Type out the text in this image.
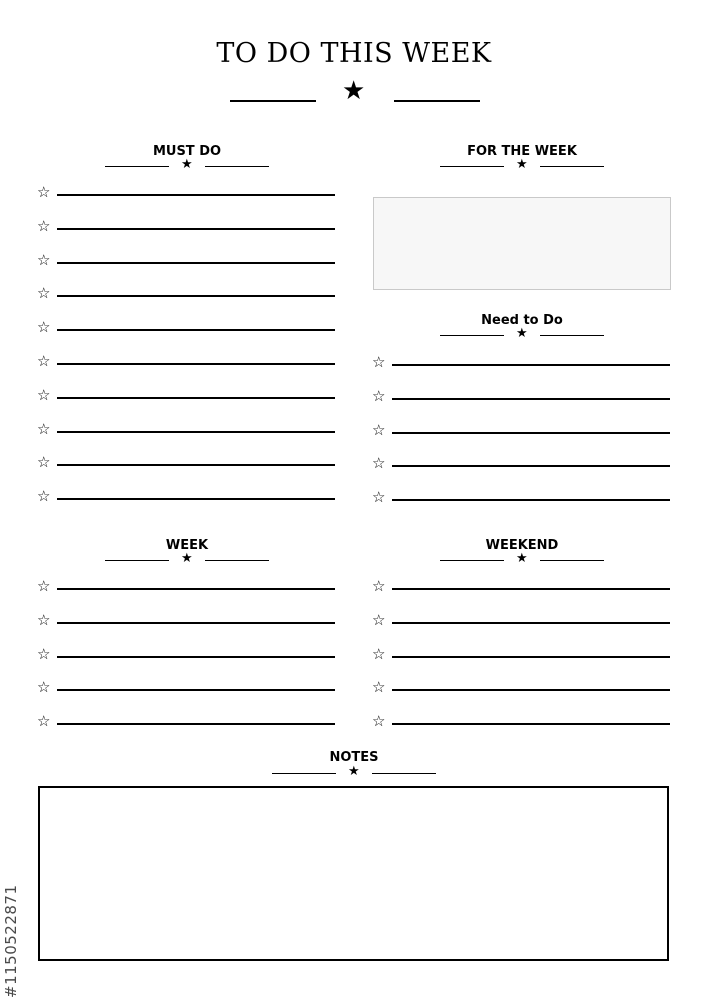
TO DO THIS WEEK
★
MUST DO
★
☆
☆
☆
☆
☆
☆
☆
☆
☆
☆
FOR THE WEEK
★
Need to Do
★
☆
☆
☆
☆
☆
WEEK
★
☆
☆
☆
☆
☆
WEEKEND
★
☆
☆
☆
☆
☆
NOTES
★
#1150522871
